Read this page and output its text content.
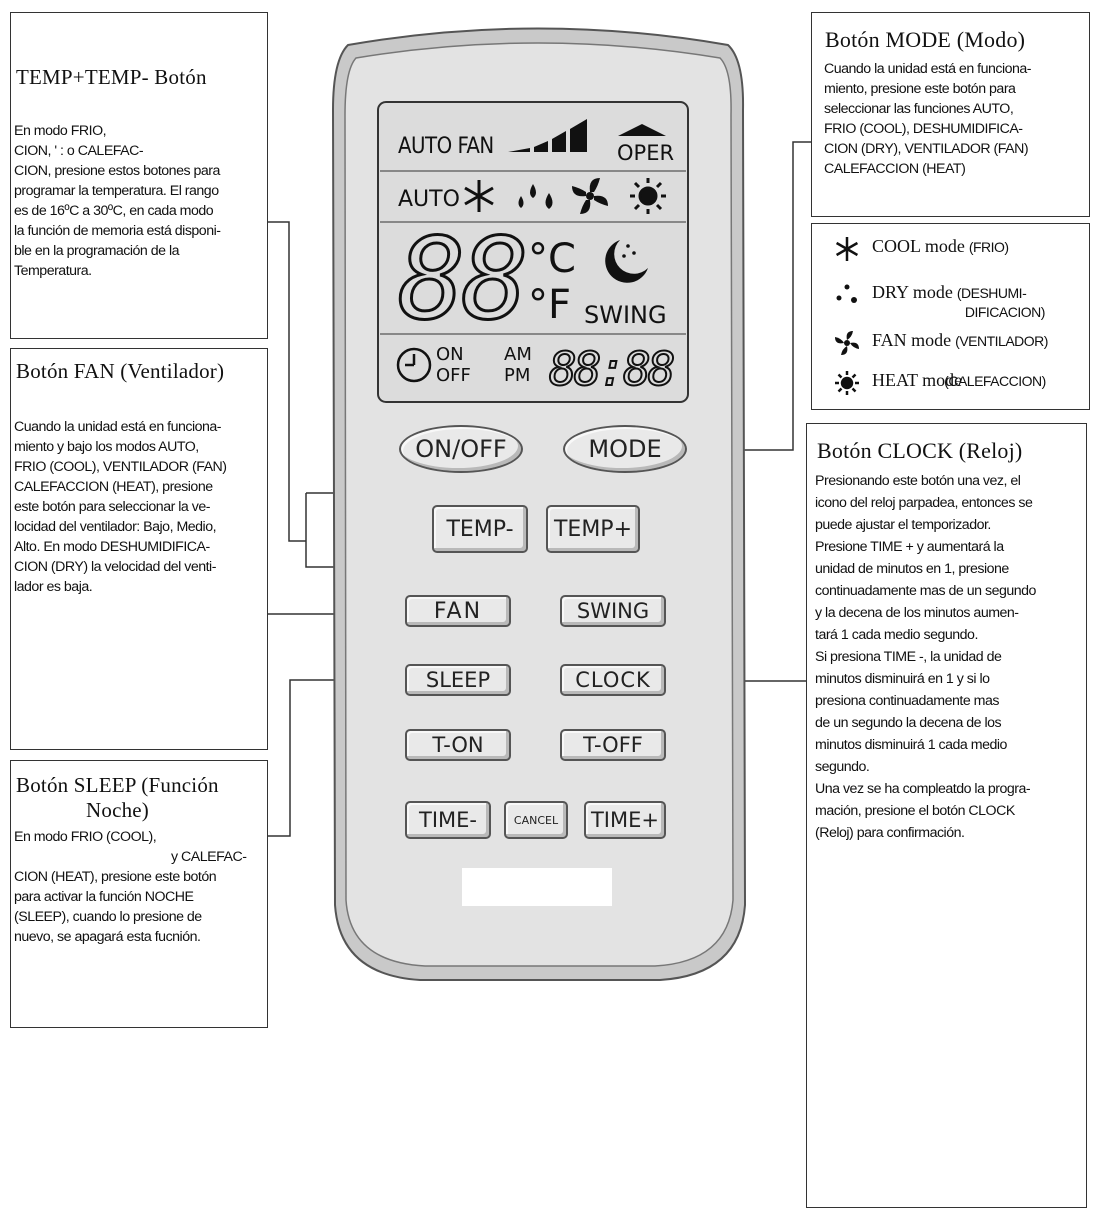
AUTO FAN	OPER
AUTO
88 °C
°F SWING
ON
OFF
AM
PM 88:88
ON/OFF	MODE
TEMP-	TEMP+
FAN	SWING
SLEEP	CLOCK
T-ON	T-OFF
TIME-	CANCEL	TIME+
TEMP+TEMP- Botón
En modo FRIO,
CION, ' : o CALEFAC-
CION, presione estos botones para
programar la temperatura. El rango
es de 16ºC a 30ºC, en cada modo
la función de memoria está disponi-
ble en la programación de la
Temperatura.
Botón FAN (Ventilador)
Cuando la unidad está en funciona-
miento y bajo los modos AUTO,
FRIO (COOL), VENTILADOR (FAN)
CALEFACCION (HEAT), presione
este botón para seleccionar la ve-
locidad del ventilador: Bajo, Medio,
Alto. En modo DESHUMIDIFICA-
CION (DRY) la velocidad del venti-
lador es baja.
Botón SLEEP (Función
Noche)
En modo FRIO (COOL),
y CALEFAC-
CION (HEAT), presione este botón
para activar la función NOCHE
(SLEEP), cuando lo presione de
nuevo, se apagará esta fucnión.
Botón MODE (Modo)
Cuando la unidad está en funciona-
miento, presione este botón para
seleccionar las funciones AUTO,
FRIO (COOL), DESHUMIDIFICA-
CION (DRY), VENTILADOR (FAN)
CALEFACCION (HEAT)
COOL mode (FRIO)
DRY mode (DESHUMI-
DIFICACION)
FAN mode (VENTILADOR)
HEAT mode
(CALEFACCION)
Botón CLOCK (Reloj)
Presionando este botón una vez, el
icono del reloj parpadea, entonces se
puede ajustar el temporizador.
Presione TIME + y aumentará la
unidad de minutos en 1, presione
continuadamente mas de un segundo
y la decena de los minutos aumen-
tará 1 cada medio segundo.
Si presiona TIME -, la unidad de
minutos disminuirá en 1 y si lo
presiona continuadamente mas
de un segundo la decena de los
minutos disminuirá 1 cada medio
segundo.
Una vez se ha compleatdo la progra-
mación, presione el botón CLOCK
(Reloj) para confirmación.
